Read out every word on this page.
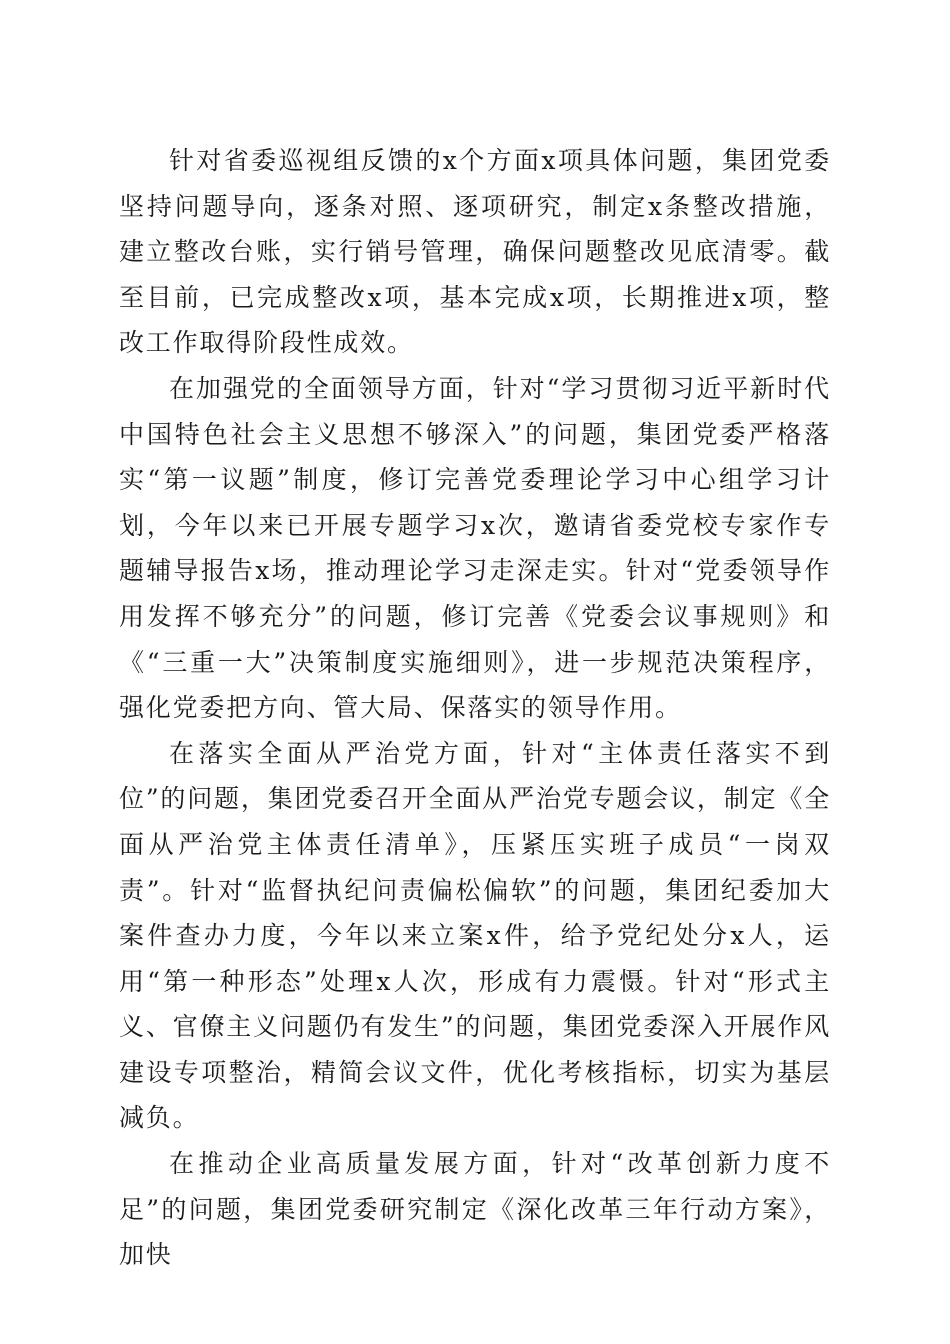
针对省委巡视组反馈的x个方面x项具体问题，集团党委坚持问题导向，逐条对照、逐项研究，制定x条整改措施，建立整改台账，实行销号管理，确保问题整改见底清零。截至目前，已完成整改x项，基本完成x项，长期推进x项，整改工作取得阶段性成效。

在加强党的全面领导方面，针对“学习贯彻习近平新时代中国特色社会主义思想不够深入”的问题，集团党委严格落实“第一议题”制度，修订完善党委理论学习中心组学习计划，今年以来已开展专题学习x次，邀请省委党校专家作专题辅导报告x场，推动理论学习走深走实。针对“党委领导作用发挥不够充分”的问题，修订完善《党委会议事规则》和《“三重一大”决策制度实施细则》，进一步规范决策程序，强化党委把方向、管大局、保落实的领导作用。

在落实全面从严治党方面，针对“主体责任落实不到位”的问题，集团党委召开全面从严治党专题会议，制定《全面从严治党主体责任清单》，压紧压实班子成员“一岗双责”。针对“监督执纪问责偏松偏软”的问题，集团纪委加大案件查办力度，今年以来立案x件，给予党纪处分x人，运用“第一种形态”处理x人次，形成有力震慑。针对“形式主义、官僚主义问题仍有发生”的问题，集团党委深入开展作风建设专项整治，精简会议文件，优化考核指标，切实为基层减负。

在推动企业高质量发展方面，针对“改革创新力度不足”的问题，集团党委研究制定《深化改革三年行动方案》，加快
